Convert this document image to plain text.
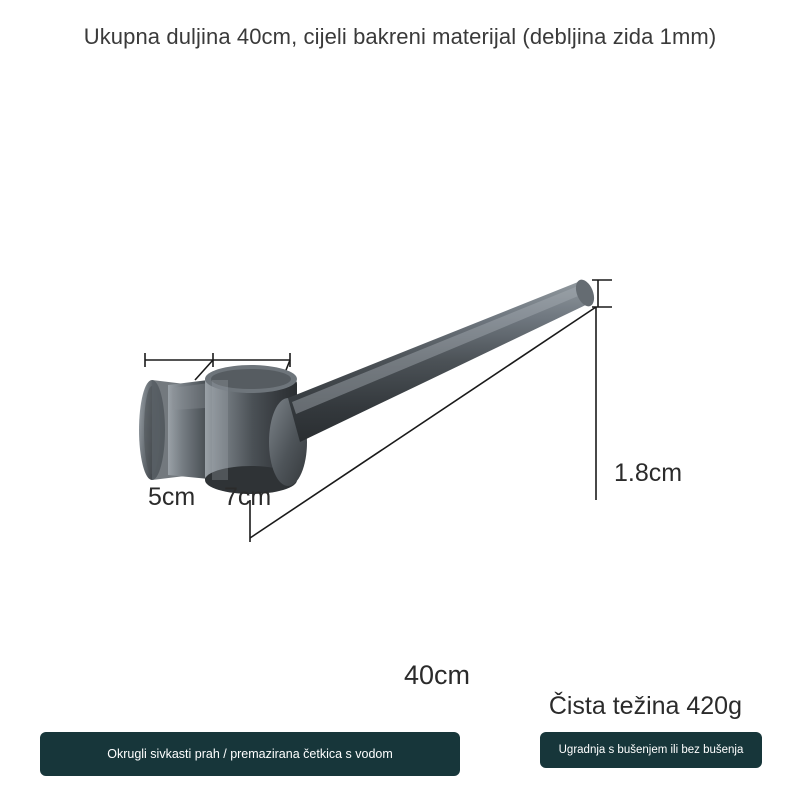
Ukupna duljina 40cm, cijeli bakreni materijal (debljina zida 1mm)
5cm 7cm
1.8cm
40cm
Čista težina 420g
Okrugli sivkasti prah / premazirana četkica s vodom	Ugradnja s bušenjem ili bez bušenja
